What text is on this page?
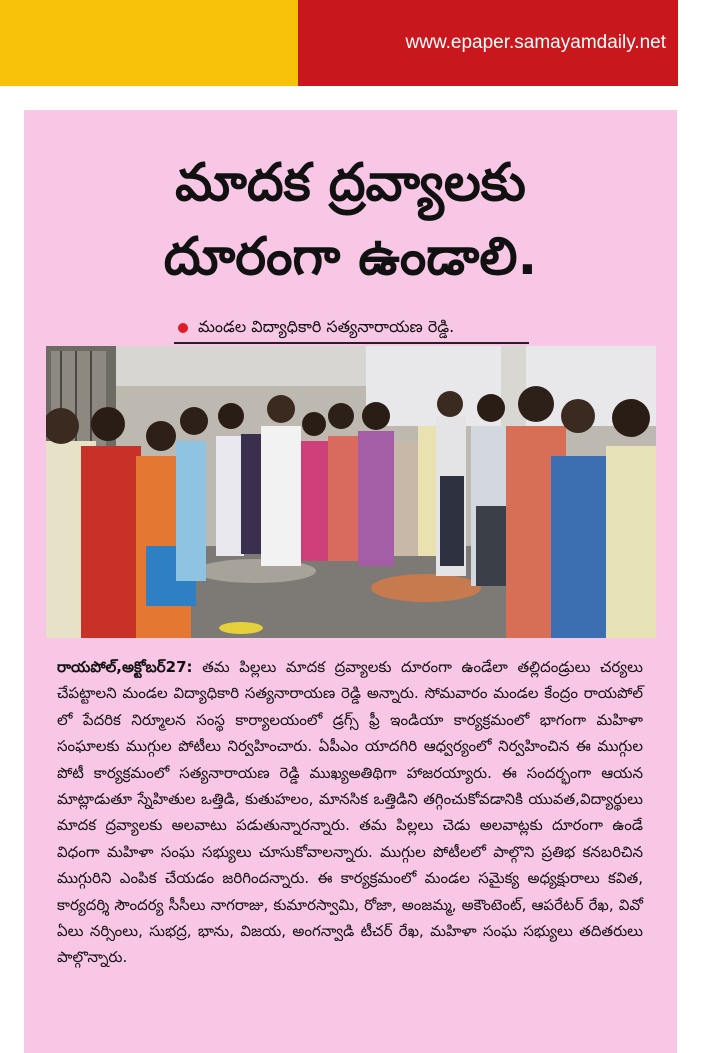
www.epaper.samayamdaily.net
మాదక ద్రవ్యాలకు
దూరంగా ఉండాలి.
మండల విద్యాధికారి సత్యనారాయణ రెడ్డి.
రాయపోల్,అక్టోబర్27: తమ పిల్లలు మాదక ద్రవ్యాలకు దూరంగా ఉండేలా తల్లిదండ్రులు చర్యలు చేపట్టాలని మండల విద్యాధికారి సత్యనారాయణ రెడ్డి అన్నారు. సోమవారం మండల కేంద్రం రాయపోల్ లో పేదరిక నిర్మూలన సంస్థ కార్యాలయంలో డ్రగ్స్ ఫ్రీ ఇండియా కార్యక్రమంలో భాగంగా మహిళా సంఘాలకు ముగ్గుల పోటీలు నిర్వహించారు. ఏపీఎం యాదగిరి ఆధ్వర్యంలో నిర్వహించిన ఈ ముగ్గుల పోటీ కార్యక్రమంలో సత్యనారాయణ రెడ్డి ముఖ్యఅతిథిగా హాజరయ్యారు. ఈ సందర్భంగా ఆయన మాట్లాడుతూ స్నేహితుల ఒత్తిడి, కుతుహలం, మానసిక ఒత్తిడిని తగ్గించుకోవడానికి యువత,విద్యార్థులు మాదక ద్రవ్యాలకు అలవాటు పడుతున్నారన్నారు. తమ పిల్లలు చెడు అలవాట్లకు దూరంగా ఉండే విధంగా మహిళా సంఘ సభ్యులు చూసుకోవాలన్నారు. ముగ్గుల పోటీలలో పాల్గొని ప్రతిభ కనబరిచిన ముగ్గురిని ఎంపిక చేయడం జరిగిందన్నారు. ఈ కార్యక్రమంలో మండల సమైక్య అధ్యక్షురాలు కవిత, కార్యదర్శి సౌందర్య సీసీలు నాగరాజు, కుమారస్వామి, రోజా, అంజమ్మ, అకౌంటెంట్, ఆపరేటర్ రేఖ, వివో ఏలు నర్సింలు, సుభద్ర, భాను, విజయ, అంగన్వాడి టీచర్ రేఖ, మహిళా సంఘ సభ్యులు తదితరులు పాల్గొన్నారు.
